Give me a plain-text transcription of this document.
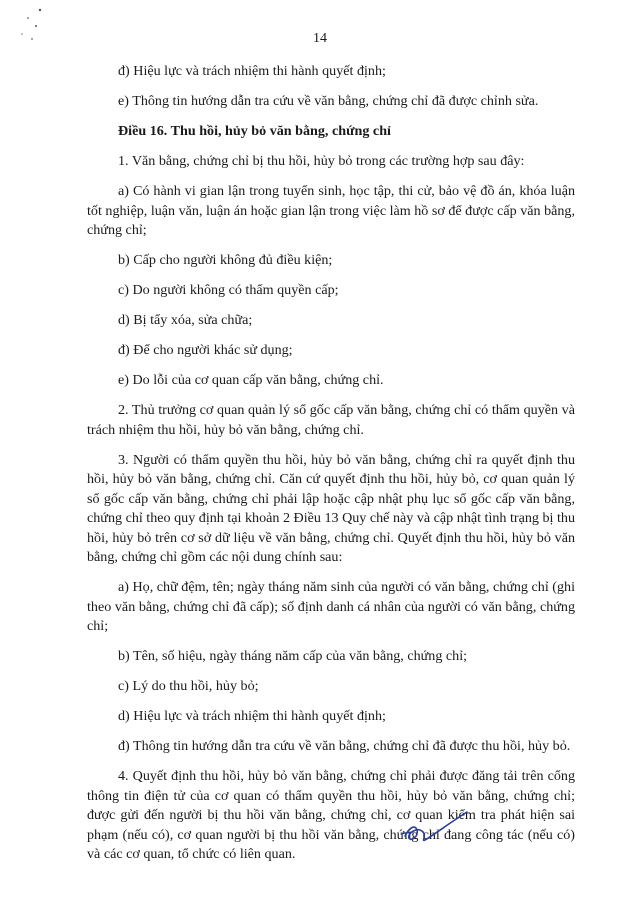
14

đ) Hiệu lực và trách nhiệm thi hành quyết định;

e) Thông tin hướng dẫn tra cứu về văn bằng, chứng chỉ đã được chỉnh sửa.

Điều 16. Thu hồi, hủy bỏ văn bằng, chứng chỉ

1. Văn bằng, chứng chỉ bị thu hồi, hủy bỏ trong các trường hợp sau đây:

a) Có hành vi gian lận trong tuyển sinh, học tập, thi cử, bảo vệ đồ án, khóa luận tốt nghiệp, luận văn, luận án hoặc gian lận trong việc làm hồ sơ để được cấp văn bằng, chứng chỉ;

b) Cấp cho người không đủ điều kiện;

c) Do người không có thẩm quyền cấp;

d) Bị tẩy xóa, sửa chữa;

đ) Để cho người khác sử dụng;

e) Do lỗi của cơ quan cấp văn bằng, chứng chỉ.

2. Thủ trưởng cơ quan quản lý sổ gốc cấp văn bằng, chứng chỉ có thẩm quyền và trách nhiệm thu hồi, hủy bỏ văn bằng, chứng chỉ.

3. Người có thẩm quyền thu hồi, hủy bỏ văn bằng, chứng chỉ ra quyết định thu hồi, hủy bỏ văn bằng, chứng chỉ. Căn cứ quyết định thu hồi, hủy bỏ, cơ quan quản lý sổ gốc cấp văn bằng, chứng chỉ phải lập hoặc cập nhật phụ lục sổ gốc cấp văn bằng, chứng chỉ theo quy định tại khoản 2 Điều 13 Quy chế này và cập nhật tình trạng bị thu hồi, hủy bỏ trên cơ sở dữ liệu về văn bằng, chứng chỉ. Quyết định thu hồi, hủy bỏ văn bằng, chứng chỉ gồm các nội dung chính sau:

a) Họ, chữ đệm, tên; ngày tháng năm sinh của người có văn bằng, chứng chỉ (ghi theo văn bằng, chứng chỉ đã cấp); số định danh cá nhân của người có văn bằng, chứng chỉ;

b) Tên, số hiệu, ngày tháng năm cấp của văn bằng, chứng chỉ;

c) Lý do thu hồi, hủy bỏ;

d) Hiệu lực và trách nhiệm thi hành quyết định;

đ) Thông tin hướng dẫn tra cứu về văn bằng, chứng chỉ đã được thu hồi, hủy bỏ.

4. Quyết định thu hồi, hủy bỏ văn bằng, chứng chỉ phải được đăng tải trên cổng thông tin điện tử của cơ quan có thẩm quyền thu hồi, hủy bỏ văn bằng, chứng chỉ; được gửi đến người bị thu hồi văn bằng, chứng chỉ, cơ quan kiểm tra phát hiện sai phạm (nếu có), cơ quan người bị thu hồi văn bằng, chứng chỉ đang công tác (nếu có) và các cơ quan, tổ chức có liên quan.
